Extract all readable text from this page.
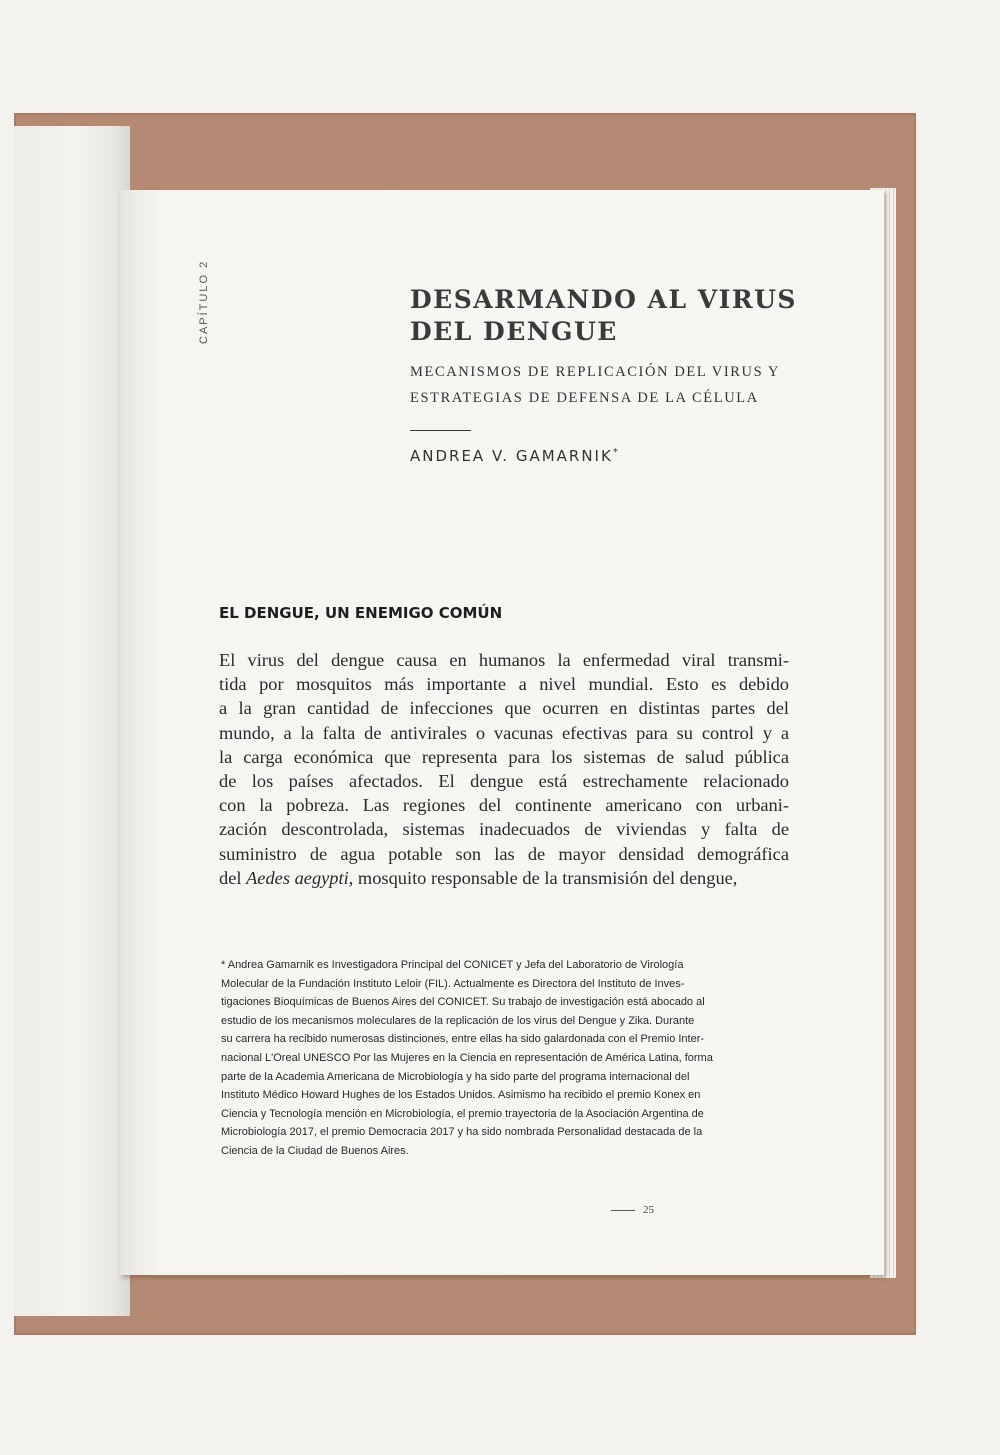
CAPÍTULO 2	DESARMANDO AL VIRUS
DEL DENGUE

MECANISMOS DE REPLICACIÓN DEL VIRUS Y
ESTRATEGIAS DE DEFENSA DE LA CÉLULA

ANDREA V. GAMARNIK*
EL DENGUE, UN ENEMIGO COMÚN

El virus del dengue causa en humanos la enfermedad viral transmi-
tida por mosquitos más importante a nivel mundial. Esto es debido
a la gran cantidad de infecciones que ocurren en distintas partes del
mundo, a la falta de antivirales o vacunas efectivas para su control y a
la carga económica que representa para los sistemas de salud pública
de los países afectados. El dengue está estrechamente relacionado
con la pobreza. Las regiones del continente americano con urbani-
zación descontrolada, sistemas inadecuados de viviendas y falta de
suministro de agua potable son las de mayor densidad demográfica
del Aedes aegypti, mosquito responsable de la transmisión del dengue,

* Andrea Gamarnik es Investigadora Principal del CONICET y Jefa del Laboratorio de Virología
Molecular de la Fundación Instituto Leloir (FIL). Actualmente es Directora del Instituto de Inves-
tigaciones Bioquímicas de Buenos Aires del CONICET. Su trabajo de investigación está abocado al
estudio de los mecanismos moleculares de la replicación de los virus del Dengue y Zika. Durante
su carrera ha recibido numerosas distinciones, entre ellas ha sido galardonada con el Premio Inter-
nacional L'Oreal UNESCO Por las Mujeres en la Ciencia en representación de América Latina, forma
parte de la Academia Americana de Microbiología y ha sido parte del programa internacional del
Instituto Médico Howard Hughes de los Estados Unidos. Asimismo ha recibido el premio Konex en
Ciencia y Tecnología mención en Microbiología, el premio trayectoria de la Asociación Argentina de
Microbiología 2017, el premio Democracia 2017 y ha sido nombrada Personalidad destacada de la
Ciencia de la Ciudad de Buenos Aires.

25
